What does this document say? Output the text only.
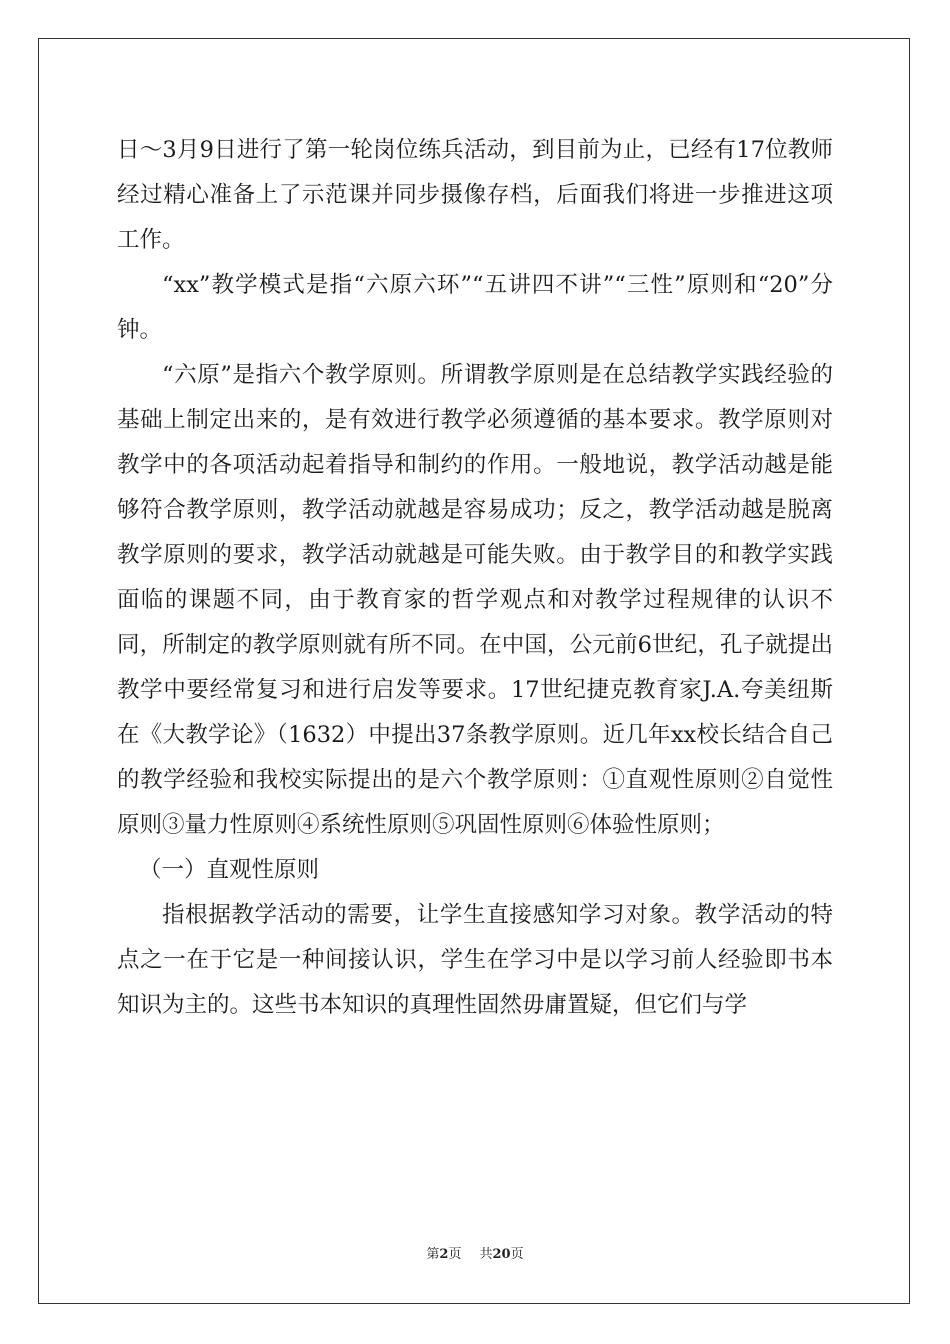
日～3月9日进行了第一轮岗位练兵活动，到目前为止，已经有17位教师经过精心准备上了示范课并同步摄像存档，后面我们将进一步推进这项工作。

“xx”教学模式是指“六原六环”“五讲四不讲”“三性”原则和“20”分钟。

“六原”是指六个教学原则。所谓教学原则是在总结教学实践经验的基础上制定出来的，是有效进行教学必须遵循的基本要求。教学原则对教学中的各项活动起着指导和制约的作用。一般地说，教学活动越是能够符合教学原则，教学活动就越是容易成功；反之，教学活动越是脱离教学原则的要求，教学活动就越是可能失败。由于教学目的和教学实践面临的课题不同，由于教育家的哲学观点和对教学过程规律的认识不同，所制定的教学原则就有所不同。在中国，公元前6世纪，孔子就提出教学中要经常复习和进行启发等要求。17世纪捷克教育家J.A.夸美纽斯在《大教学论》（1632）中提出37条教学原则。近几年xx校长结合自己的教学经验和我校实际提出的是六个教学原则：①直观性原则②自觉性原则③量力性原则④系统性原则⑤巩固性原则⑥体验性原则；

（一）直观性原则

指根据教学活动的需要，让学生直接感知学习对象。教学活动的特点之一在于它是一种间接认识，学生在学习中是以学习前人经验即书本知识为主的。这些书本知识的真理性固然毋庸置疑，但它们与学

第2页 共20页
